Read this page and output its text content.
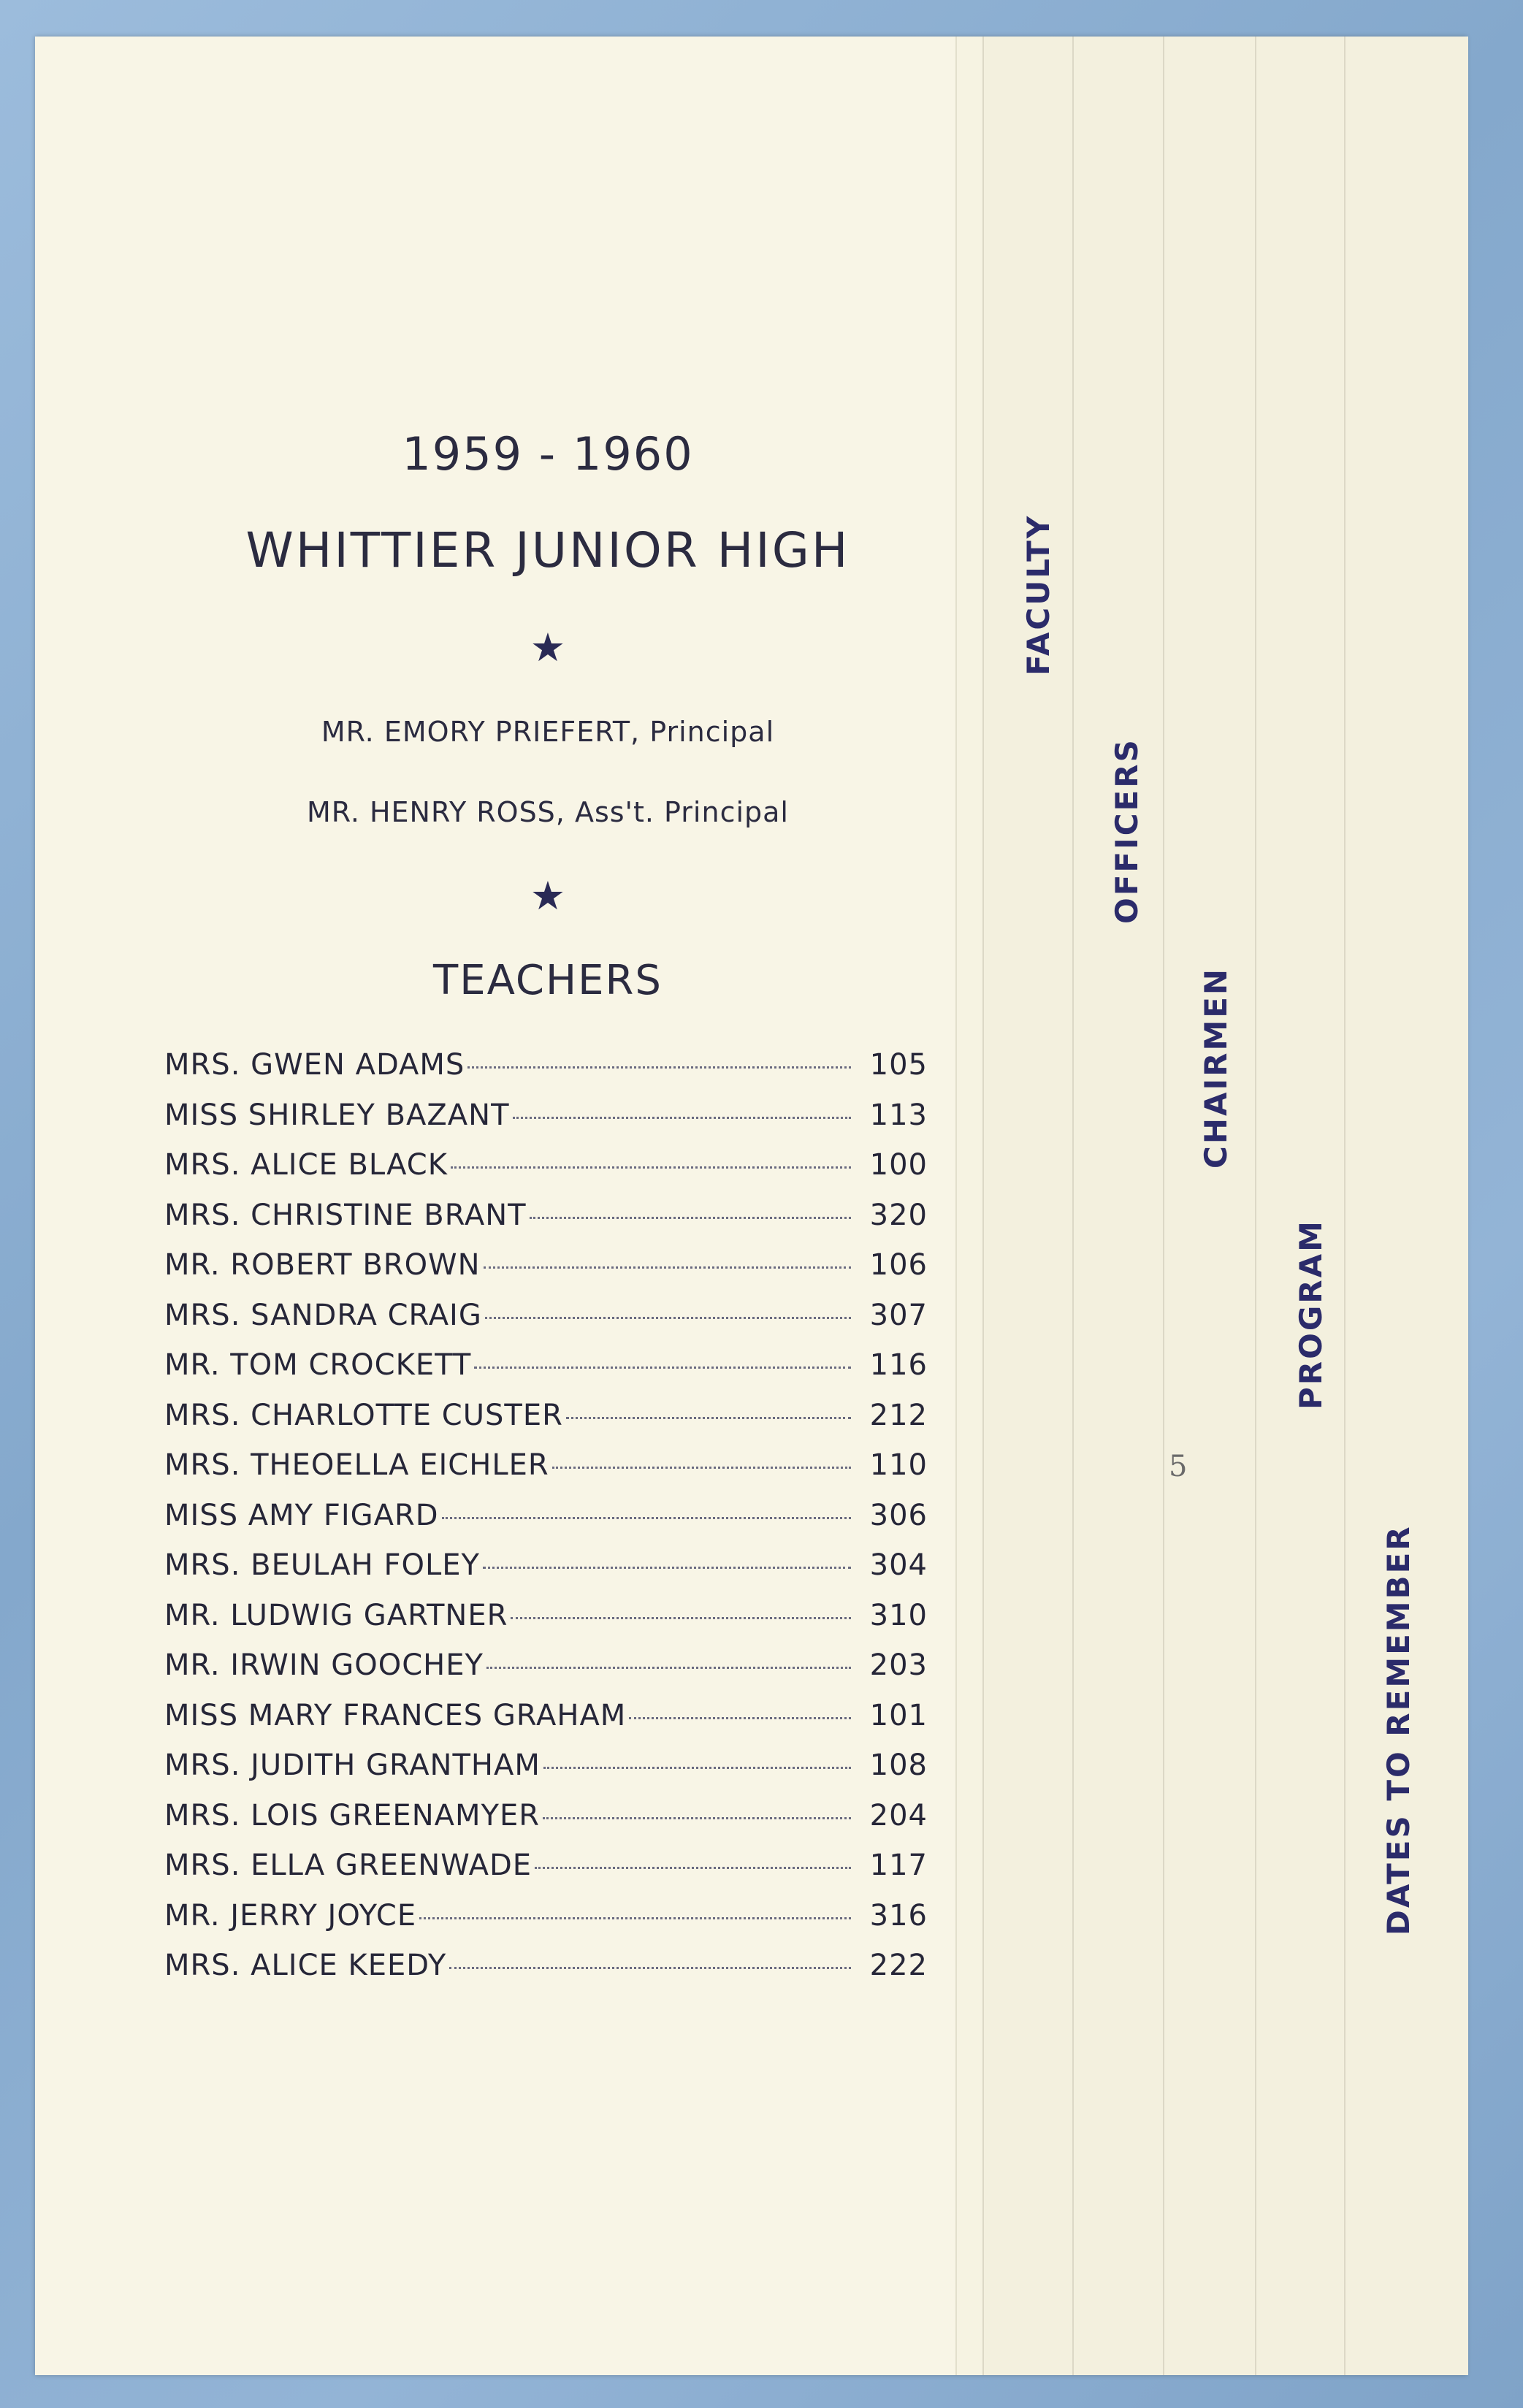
1959 - 1960
WHITTIER JUNIOR HIGH
★
MR. EMORY PRIEFERT, Principal
MR. HENRY ROSS, Ass't. Principal
★
TEACHERS
MRS. GWEN ADAMS	105
MISS SHIRLEY BAZANT	113
MRS. ALICE BLACK	100
MRS. CHRISTINE BRANT	320
MR. ROBERT BROWN	106
MRS. SANDRA CRAIG	307
MR. TOM CROCKETT	116
MRS. CHARLOTTE CUSTER	212
MRS. THEOELLA EICHLER	110
MISS AMY FIGARD	306
MRS. BEULAH FOLEY	304
MR. LUDWIG GARTNER	310
MR. IRWIN GOOCHEY	203
MISS MARY FRANCES GRAHAM	101
MRS. JUDITH GRANTHAM	108
MRS. LOIS GREENAMYER	204
MRS. ELLA GREENWADE	117
MR. JERRY JOYCE	316
MRS. ALICE KEEDY	222
FACULTY
OFFICERS
CHAIRMEN
PROGRAM
DATES TO REMEMBER
5
